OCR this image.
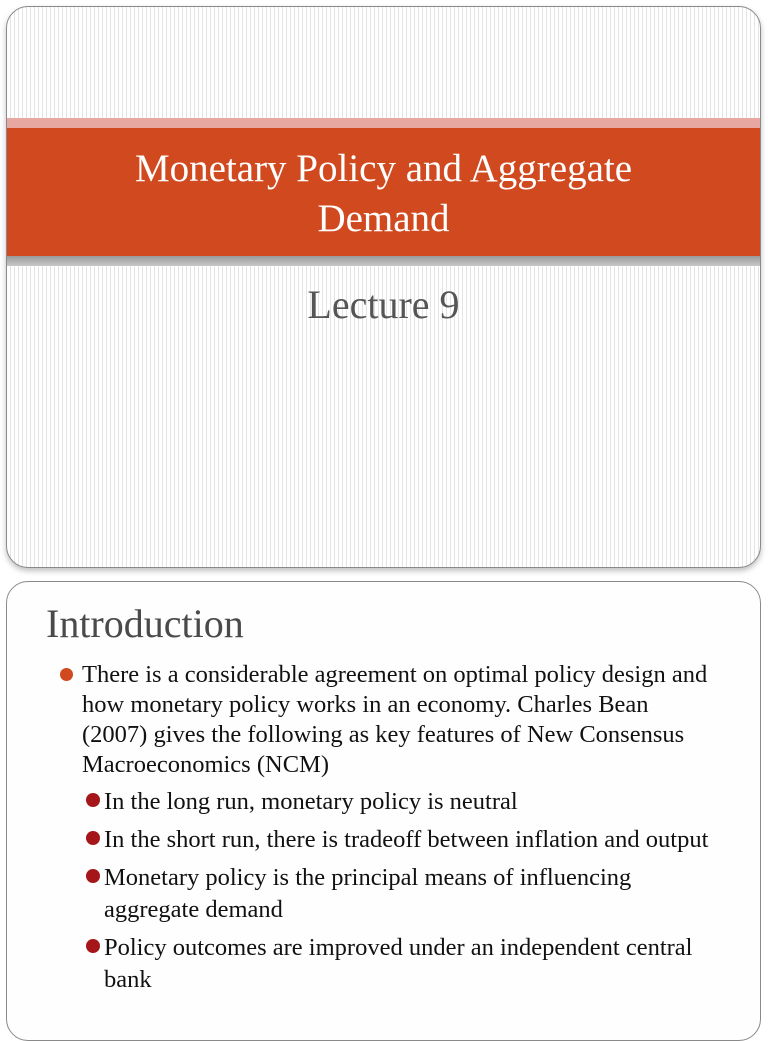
Monetary Policy and Aggregate Demand
Lecture 9
Introduction
There is a considerable agreement on optimal policy design and how monetary policy works in an economy. Charles Bean (2007) gives the following as key features of New Consensus Macroeconomics (NCM)
In the long run, monetary policy is neutral
In the short run, there is tradeoff between inflation and output
Monetary policy is the principal means of influencing aggregate demand
Policy outcomes are improved under an independent central bank
